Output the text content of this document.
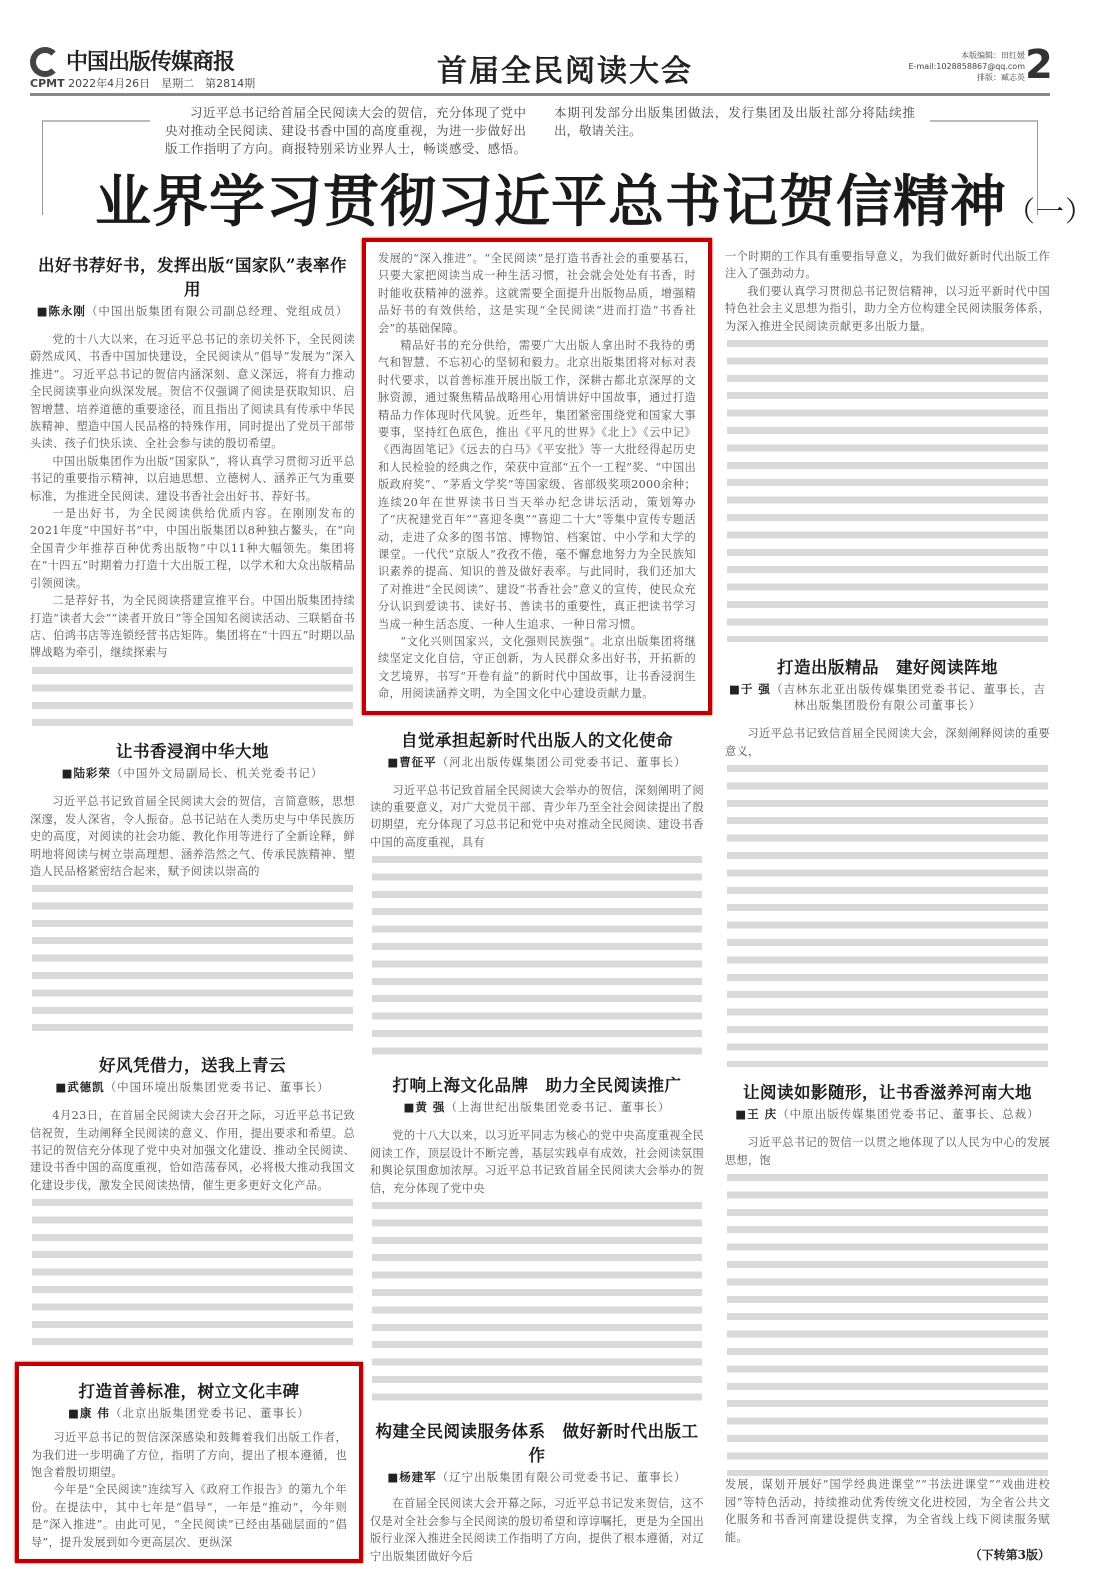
中国出版传媒商报
CPMT 2022年4月26日　星期二　第2814期	首届全民阅读大会	本版编辑：田红媛
E-mail:1028858867@qq.com
排版：臧志英 2
习近平总书记给首届全民阅读大会的贺信，充分体现了党中央对推动全民阅读、建设书香中国的高度重视，为进一步做好出版工作指明了方向。商报特别采访业界人士，畅谈感受、感悟。本期刊发部分出版集团做法，发行集团及出版社部分将陆续推出，敬请关注。
业界学习贯彻习近平总书记贺信精神（一）
出好书荐好书，发挥出版“国家队”表率作用
■ 陈永刚（中国出版集团有限公司副总经理、党组成员）

党的十八大以来，在习近平总书记的亲切关怀下，全民阅读蔚然成风、书香中国加快建设，全民阅读从“倡导”发展为“深入推进”。习近平总书记的贺信内涵深刻、意义深远，将有力推动全民阅读事业向纵深发展。贺信不仅强调了阅读是获取知识、启智增慧、培养道德的重要途径，而且指出了阅读具有传承中华民族精神、塑造中国人民品格的特殊作用，同时提出了党员干部带头读、孩子们快乐读、全社会参与读的殷切希望。

中国出版集团作为出版“国家队”，将认真学习贯彻习近平总书记的重要指示精神，以启迪思想、立德树人、涵养正气为重要标准，为推进全民阅读、建设书香社会出好书、荐好书。

一是出好书，为全民阅读供给优质内容。在刚刚发布的2021年度“中国好书”中，中国出版集团以8种独占鳌头，在“向全国青少年推荐百种优秀出版物”中以11种大幅领先。集团将在“十四五”时期着力打造十大出版工程，以学术和大众出版精品引领阅读。

二是荐好书，为全民阅读搭建宣推平台。中国出版集团持续打造“读者大会”“读者开放日”等全国知名阅读活动、三联韬奋书店、伯鸿书店等连锁经营书店矩阵。集团将在“十四五”时期以品牌战略为牵引，继续探索与

让书香浸润中华大地
■ 陆彩荣（中国外文局副局长、机关党委书记）

习近平总书记致首届全民阅读大会的贺信，言简意赅，思想深邃，发人深省，令人振奋。总书记站在人类历史与中华民族历史的高度，对阅读的社会功能、教化作用等进行了全新诠释，鲜明地将阅读与树立崇高理想、涵养浩然之气、传承民族精神、塑造人民品格紧密结合起来，赋予阅读以崇高的

好风凭借力，送我上青云
■ 武德凯（中国环境出版集团党委书记、董事长）

4月23日，在首届全民阅读大会召开之际，习近平总书记致信祝贺，生动阐释全民阅读的意义、作用，提出要求和希望。总书记的贺信充分体现了党中央对加强文化建设、推动全民阅读、建设书香中国的高度重视，恰如浩荡春风，必将极大推动我国文化建设步伐，激发全民阅读热情，催生更多更好文化产品。

打造首善标准，树立文化丰碑
■ 康 伟（北京出版集团党委书记、董事长）

习近平总书记的贺信深深感染和鼓舞着我们出版工作者，为我们进一步明确了方位，指明了方向，提出了根本遵循，也饱含着殷切期望。

今年是“全民阅读”连续写入《政府工作报告》的第九个年份。在提法中，其中七年是“倡导”，一年是“推动”，今年则是“深入推进”。由此可见，“全民阅读”已经由基础层面的“倡导”，提升发展到如今更高层次、更纵深

发展的“深入推进”。“全民阅读”是打造书香社会的重要基石，只要大家把阅读当成一种生活习惯，社会就会处处有书香，时时能收获精神的滋养。这就需要全面提升出版物品质，增强精品好书的有效供给，这是实现“全民阅读”进而打造“书香社会”的基础保障。

精品好书的充分供给，需要广大出版人拿出时不我待的勇气和智慧、不忘初心的坚韧和毅力。北京出版集团将对标对表时代要求，以首善标准开展出版工作，深耕古都北京深厚的文脉资源，通过聚焦精品战略用心用情讲好中国故事，通过打造精品力作体现时代风貌。近些年，集团紧密围绕党和国家大事要事，坚持红色底色，推出《平凡的世界》《北上》《云中记》《西海固笔记》《远去的白马》《平安批》等一大批经得起历史和人民检验的经典之作，荣获中宣部“五个一工程”奖、“中国出版政府奖”、“茅盾文学奖”等国家级、省部级奖项2000余种；连续20年在世界读书日当天举办纪念讲坛活动，策划筹办了“庆祝建党百年”“喜迎冬奥”“喜迎二十大”等集中宣传专题活动，走进了众多的图书馆、博物馆、档案馆、中小学和大学的课堂。一代代“京版人”孜孜不倦，毫不懈怠地努力为全民族知识素养的提高、知识的普及做好表率。与此同时，我们还加大了对推进“全民阅读”、建设“书香社会”意义的宣传，使民众充分认识到爱读书、读好书、善读书的重要性，真正把读书学习当成一种生活态度、一种人生追求、一种日常习惯。

“文化兴则国家兴，文化强则民族强”。北京出版集团将继续坚定文化自信，守正创新，为人民群众多出好书，开拓新的文艺境界，书写“开卷有益”的新时代中国故事，让书香浸润生命，用阅读涵养文明，为全国文化中心建设贡献力量。

自觉承担起新时代出版人的文化使命
■ 曹征平（河北出版传媒集团公司党委书记、董事长）

习近平总书记致首届全民阅读大会举办的贺信，深刻阐明了阅读的重要意义，对广大党员干部、青少年乃至全社会阅读提出了殷切期望，充分体现了习总书记和党中央对推动全民阅读、建设书香中国的高度重视，具有

打响上海文化品牌　助力全民阅读推广
■ 黄 强（上海世纪出版集团党委书记、董事长）

党的十八大以来，以习近平同志为核心的党中央高度重视全民阅读工作，顶层设计不断完善，基层实践卓有成效，社会阅读氛围和舆论氛围愈加浓厚。习近平总书记致首届全民阅读大会举办的贺信，充分体现了党中央

构建全民阅读服务体系　做好新时代出版工作
■ 杨建军（辽宁出版集团有限公司党委书记、董事长）

在首届全民阅读大会开幕之际，习近平总书记发来贺信，这不仅是对全社会参与全民阅读的殷切希望和谆谆嘱托，更是为全国出版行业深入推进全民阅读工作指明了方向，提供了根本遵循，对辽宁出版集团做好今后

一个时期的工作具有重要指导意义，为我们做好新时代出版工作注入了强劲动力。

我们要认真学习贯彻总书记贺信精神，以习近平新时代中国特色社会主义思想为指引，助力全方位构建全民阅读服务体系，为深入推进全民阅读贡献更多出版力量。

打造出版精品　建好阅读阵地
■ 于 强（吉林东北亚出版传媒集团党委书记、董事长，吉林出版集团股份有限公司董事长）

习近平总书记致信首届全民阅读大会，深刻阐释阅读的重要意义，

让阅读如影随形，让书香滋养河南大地
■ 王 庆（中原出版传媒集团党委书记、董事长、总裁）

习近平总书记的贺信一以贯之地体现了以人民为中心的发展思想，饱

发展，谋划开展好“国学经典进课堂”“书法进课堂”“戏曲进校园”等特色活动，持续推动优秀传统文化进校园，为全省公共文化服务和书香河南建设提供支撑，为全省线上线下阅读服务赋能。

（下转第3版）
